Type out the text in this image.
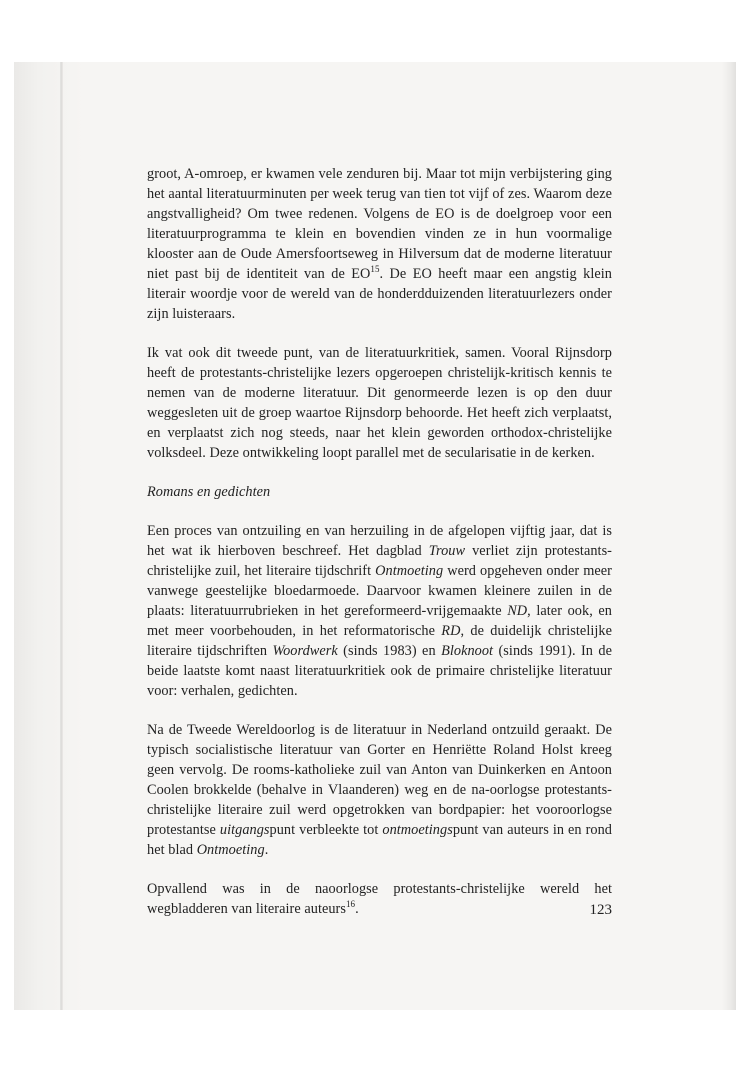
groot, A-omroep, er kwamen vele zenduren bij. Maar tot mijn verbijstering ging het aantal literatuurminuten per week terug van tien tot vijf of zes. Waarom deze angstvalligheid? Om twee redenen. Volgens de EO is de doelgroep voor een literatuurprogramma te klein en bovendien vinden ze in hun voormalige klooster aan de Oude Amersfoortseweg in Hilversum dat de moderne literatuur niet past bij de identiteit van de EO$^{15}$. De EO heeft maar een angstig klein literair woordje voor de wereld van de honderdduizenden literatuurlezers onder zijn luisteraars.

Ik vat ook dit tweede punt, van de literatuurkritiek, samen. Vooral Rijnsdorp heeft de protestants-christelijke lezers opgeroepen christelijk-kritisch kennis te nemen van de moderne literatuur. Dit genormeerde lezen is op den duur weggesleten uit de groep waartoe Rijnsdorp behoorde. Het heeft zich verplaatst, en verplaatst zich nog steeds, naar het klein geworden orthodox-christelijke volksdeel. Deze ontwikkeling loopt parallel met de secularisatie in de kerken.

Romans en gedichten

Een proces van ontzuiling en van herzuiling in de afgelopen vijftig jaar, dat is het wat ik hierboven beschreef. Het dagblad Trouw verliet zijn protestants-christelijke zuil, het literaire tijdschrift Ontmoeting werd opgeheven onder meer vanwege geestelijke bloedarmoede. Daarvoor kwamen kleinere zuilen in de plaats: literatuurrubrieken in het gereformeerd-vrijgemaakte ND, later ook, en met meer voorbehouden, in het reformatorische RD, de duidelijk christelijke literaire tijdschriften Woordwerk (sinds 1983) en Bloknoot (sinds 1991). In de beide laatste komt naast literatuurkritiek ook de primaire christelijke literatuur voor: verhalen, gedichten.

Na de Tweede Wereldoorlog is de literatuur in Nederland ontzuild geraakt. De typisch socialistische literatuur van Gorter en Henriëtte Roland Holst kreeg geen vervolg. De rooms-katholieke zuil van Anton van Duinkerken en Antoon Coolen brokkelde (behalve in Vlaanderen) weg en de na-oorlogse protestants-christelijke literaire zuil werd opgetrokken van bordpapier: het vooroorlogse protestantse uitgangspunt verbleekte tot ontmoetingspunt van auteurs in en rond het blad Ontmoeting.

Opvallend was in de naoorlogse protestants-christelijke wereld het wegbladderen van literaire auteurs$^{16}$.	123
